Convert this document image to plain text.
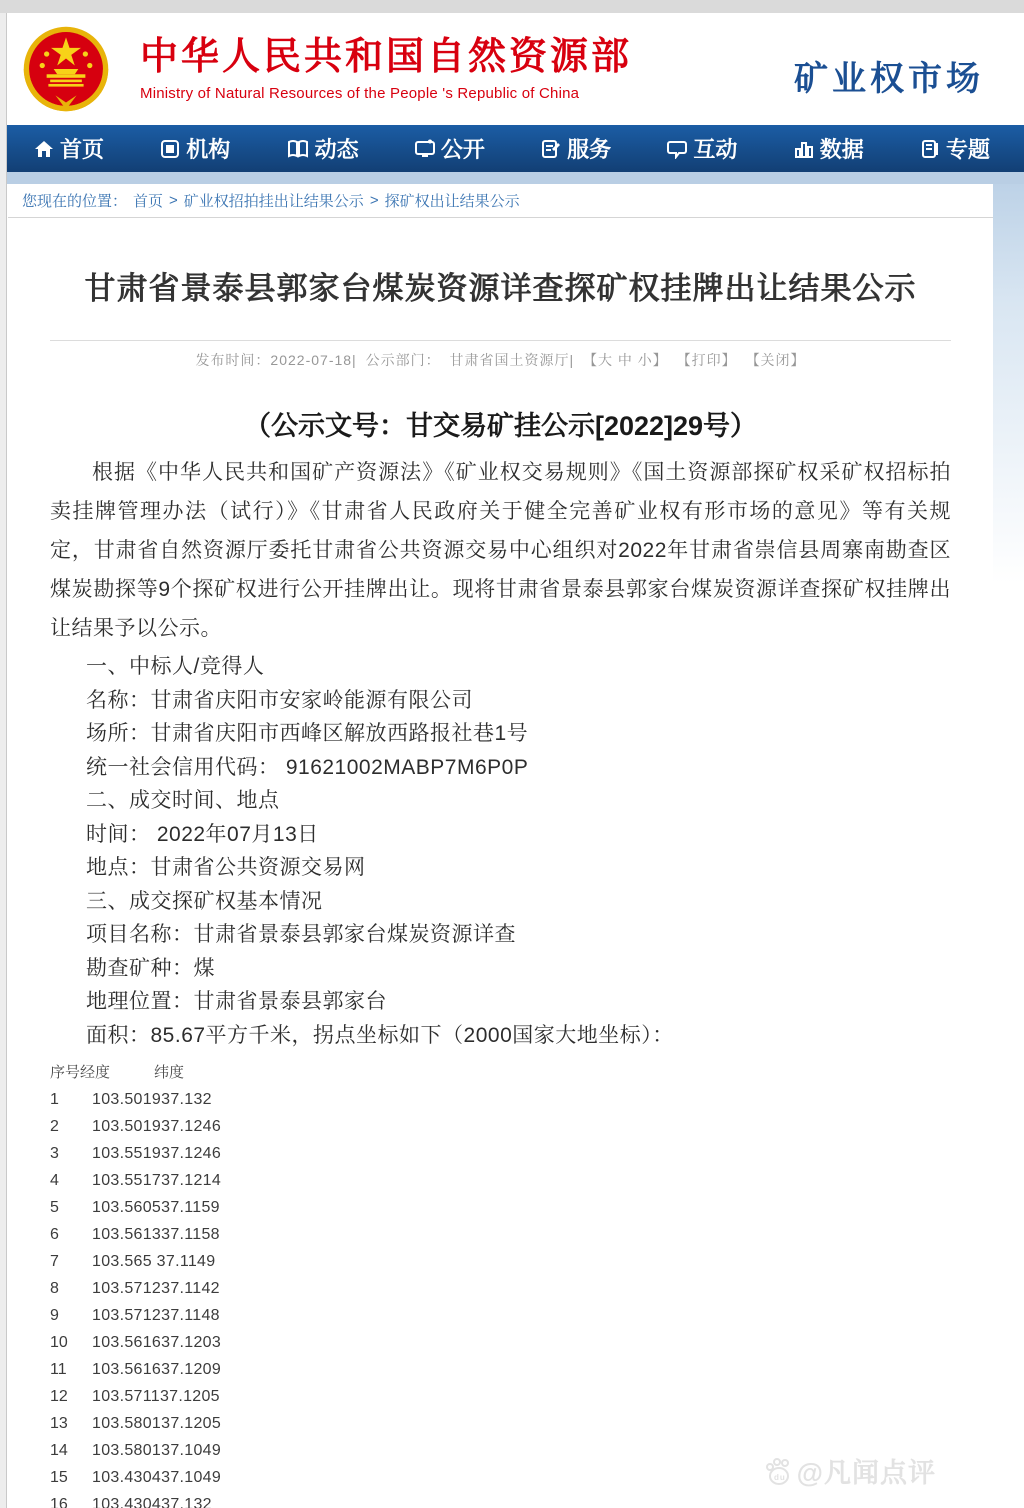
中华人民共和国自然资源部
Ministry of Natural Resources of the People 's Republic of China	矿业权市场
首页	机构	动态	公开	服务	互动	数据	专题
您现在的位置： 首页 > 矿业权招拍挂出让结果公示 > 探矿权出让结果公示
甘肃省景泰县郭家台煤炭资源详查探矿权挂牌出让结果公示
发布时间：2022-07-18| 公示部门： 甘肃省国土资源厅| 【大 中 小】 【打印】 【关闭】
（公示文号：甘交易矿挂公示[2022]29号）
根据《中华人民共和国矿产资源法》《矿业权交易规则》《国土资源部探矿权采矿权招标拍卖挂牌管理办法（试行）》《甘肃省人民政府关于健全完善矿业权有形市场的意见》等有关规定，甘肃省自然资源厅委托甘肃省公共资源交易中心组织对2022年甘肃省崇信县周寨南勘查区煤炭勘探等9个探矿权进行公开挂牌出让。现将甘肃省景泰县郭家台煤炭资源详查探矿权挂牌出让结果予以公示。
一、中标人/竞得人
名称：甘肃省庆阳市安家岭能源有限公司
场所：甘肃省庆阳市西峰区解放西路报社巷1号
统一社会信用代码： 91621002MABP7M6P0P
二、成交时间、地点
时间： 2022年07月13日
地点：甘肃省公共资源交易网
三、成交探矿权基本情况
项目名称：甘肃省景泰县郭家台煤炭资源详查
勘查矿种：煤
地理位置：甘肃省景泰县郭家台
面积：85.67平方千米，拐点坐标如下（2000国家大地坐标）：
序号经度	纬度
1	103.501937.132
2	103.501937.1246
3	103.551937.1246
4	103.551737.1214
5	103.560537.1159
6	103.561337.1158
7	103.565 37.1149
8	103.571237.1142
9	103.571237.1148
10	103.561637.1203
11	103.561637.1209
12	103.571137.1205
13	103.580137.1205
14	103.580137.1049
15	103.430437.1049
16	103.430437.132
du @凡闻点评
